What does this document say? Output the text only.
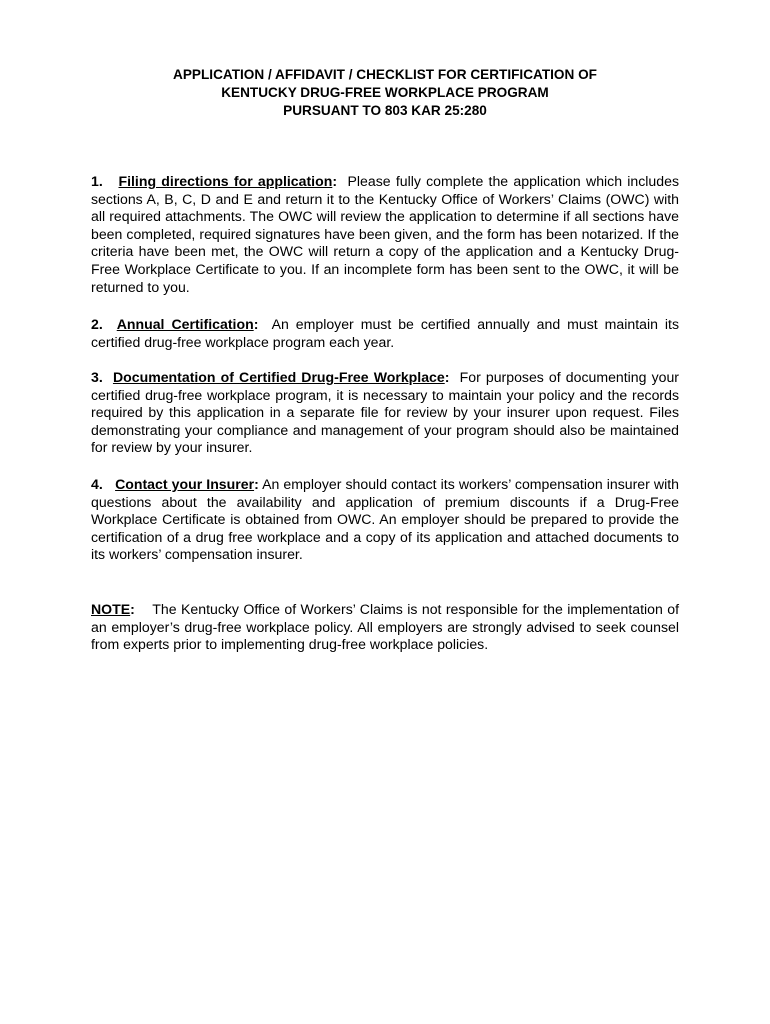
APPLICATION / AFFIDAVIT / CHECKLIST FOR CERTIFICATION OF
KENTUCKY DRUG-FREE WORKPLACE PROGRAM
PURSUANT TO 803 KAR 25:280
1. Filing directions for application: Please fully complete the application which includes sections A, B, C, D and E and return it to the Kentucky Office of Workers’ Claims (OWC) with all required attachments. The OWC will review the application to determine if all sections have been completed, required signatures have been given, and the form has been notarized. If the criteria have been met, the OWC will return a copy of the application and a Kentucky Drug-Free Workplace Certificate to you. If an incomplete form has been sent to the OWC, it will be returned to you.
2. Annual Certification: An employer must be certified annually and must maintain its certified drug-free workplace program each year.
3. Documentation of Certified Drug-Free Workplace: For purposes of documenting your certified drug-free workplace program, it is necessary to maintain your policy and the records required by this application in a separate file for review by your insurer upon request. Files demonstrating your compliance and management of your program should also be maintained for review by your insurer.
4. Contact your Insurer: An employer should contact its workers’ compensation insurer with questions about the availability and application of premium discounts if a Drug-Free Workplace Certificate is obtained from OWC. An employer should be prepared to provide the certification of a drug free workplace and a copy of its application and attached documents to its workers’ compensation insurer.
NOTE: The Kentucky Office of Workers’ Claims is not responsible for the implementation of an employer’s drug-free workplace policy. All employers are strongly advised to seek counsel from experts prior to implementing drug-free workplace policies.
